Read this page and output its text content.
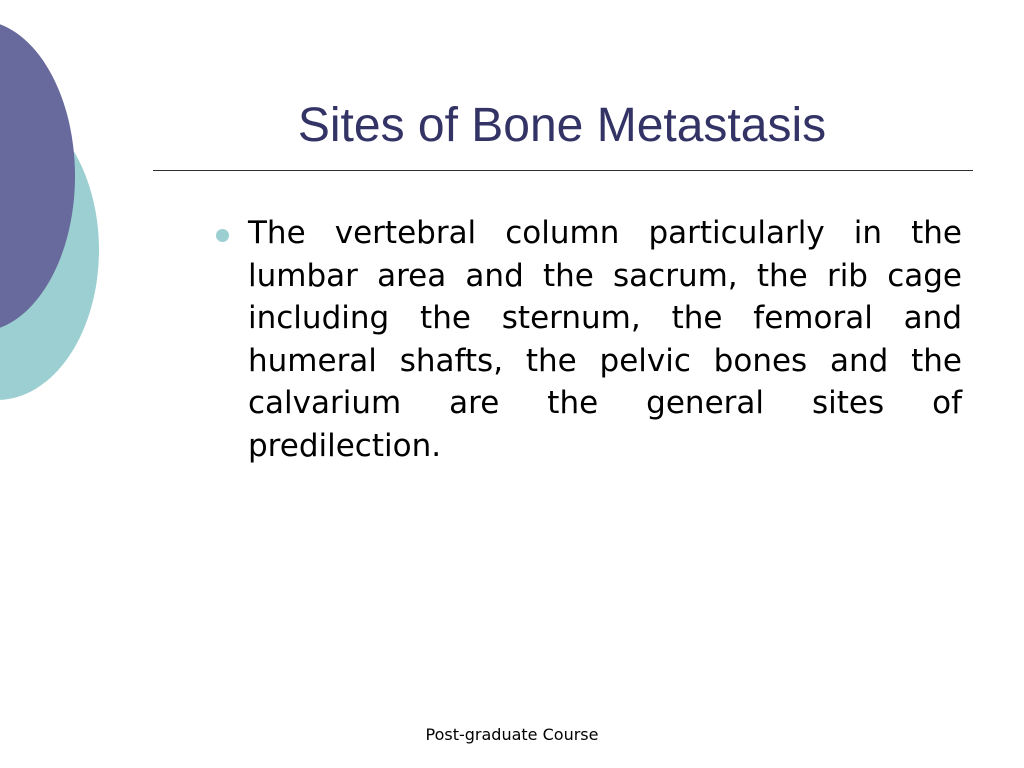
Sites of Bone Metastasis

The vertebral column particularly in the lumbar area and the sacrum, the rib cage including the sternum, the femoral and humeral shafts, the pelvic bones and the calvarium are the general sites of predilection.

Post-graduate Course
